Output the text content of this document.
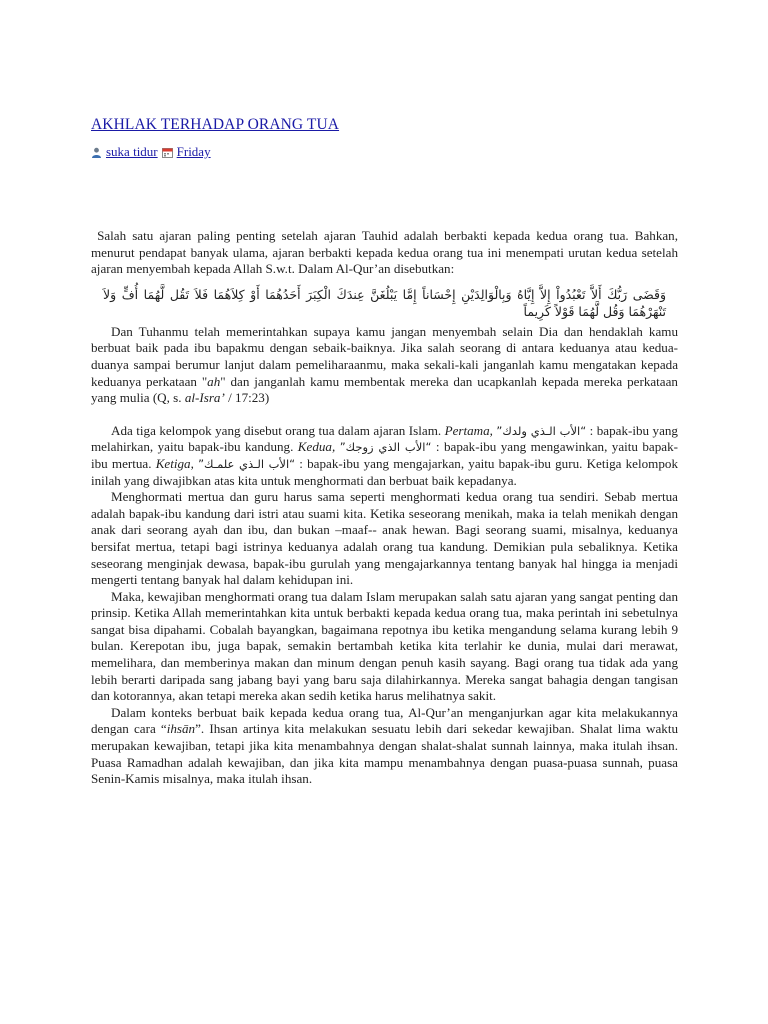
AKHLAK TERHADAP ORANG TUA
suka tidur Friday

Salah satu ajaran paling penting setelah ajaran Tauhid adalah berbakti kepada kedua orang tua. Bahkan, menurut pendapat banyak ulama, ajaran berbakti kepada kedua orang tua ini menempati urutan kedua setelah ajaran menyembah kepada Allah S.w.t. Dalam Al-Qur’an disebutkan:

وَقَضَى رَبُّكَ أَلاَّ تَعْبُدُواْ إِلاَّ إِيَّاهُ وَبِالْوَالِدَيْنِ إِحْسَاناً إِمَّا يَبْلُغَنَّ عِندَكَ الْكِبَرَ أَحَدُهُمَا أَوْ كِلاَهُمَا فَلاَ تَقُل لَّهُمَا أُفٍّ وَلاَ تَنْهَرْهُمَا وَقُل لَّهُمَا قَوْلاً كَرِيماً

Dan Tuhanmu telah memerintahkan supaya kamu jangan menyembah selain Dia dan hendaklah kamu berbuat baik pada ibu bapakmu dengan sebaik-baiknya. Jika salah seorang di antara keduanya atau kedua-duanya sampai berumur lanjut dalam pemeliharaanmu, maka sekali-kali janganlah kamu mengatakan kepada keduanya perkataan "ah" dan janganlah kamu membentak mereka dan ucapkanlah kepada mereka perkataan yang mulia (Q, s. al-Isra’ / 17:23)

Ada tiga kelompok yang disebut orang tua dalam ajaran Islam. Pertama, “الأب الـذي ولدك” : bapak-ibu yang melahirkan, yaitu bapak-ibu kandung. Kedua, “الأب الذي زوجك” : bapak-ibu yang mengawinkan, yaitu bapak-ibu mertua. Ketiga, “الأب الـذي علمـك” : bapak-ibu yang mengajarkan, yaitu bapak-ibu guru. Ketiga kelompok inilah yang diwajibkan atas kita untuk menghormati dan berbuat baik kepadanya.

Menghormati mertua dan guru harus sama seperti menghormati kedua orang tua sendiri. Sebab mertua adalah bapak-ibu kandung dari istri atau suami kita. Ketika seseorang menikah, maka ia telah menikah dengan anak dari seorang ayah dan ibu, dan bukan –maaf-- anak hewan. Bagi seorang suami, misalnya, keduanya bersifat mertua, tetapi bagi istrinya keduanya adalah orang tua kandung. Demikian pula sebaliknya. Ketika seseorang menginjak dewasa, bapak-ibu gurulah yang mengajarkannya tentang banyak hal hingga ia menjadi mengerti tentang banyak hal dalam kehidupan ini.

Maka, kewajiban menghormati orang tua dalam Islam merupakan salah satu ajaran yang sangat penting dan prinsip. Ketika Allah memerintahkan kita untuk berbakti kepada kedua orang tua, maka perintah ini sebetulnya sangat bisa dipahami. Cobalah bayangkan, bagaimana repotnya ibu ketika mengandung selama kurang lebih 9 bulan. Kerepotan ibu, juga bapak, semakin bertambah ketika kita terlahir ke dunia, mulai dari merawat, memelihara, dan memberinya makan dan minum dengan penuh kasih sayang. Bagi orang tua tidak ada yang lebih berarti daripada sang jabang bayi yang baru saja dilahirkannya. Mereka sangat bahagia dengan tangisan dan kotorannya, akan tetapi mereka akan sedih ketika harus melihatnya sakit.

Dalam konteks berbuat baik kepada kedua orang tua, Al-Qur’an menganjurkan agar kita melakukannya dengan cara “ihsān”. Ihsan artinya kita melakukan sesuatu lebih dari sekedar kewajiban. Shalat lima waktu merupakan kewajiban, tetapi jika kita menambahnya dengan shalat-shalat sunnah lainnya, maka itulah ihsan. Puasa Ramadhan adalah kewajiban, dan jika kita mampu menambahnya dengan puasa-puasa sunnah, puasa Senin-Kamis misalnya, maka itulah ihsan.
